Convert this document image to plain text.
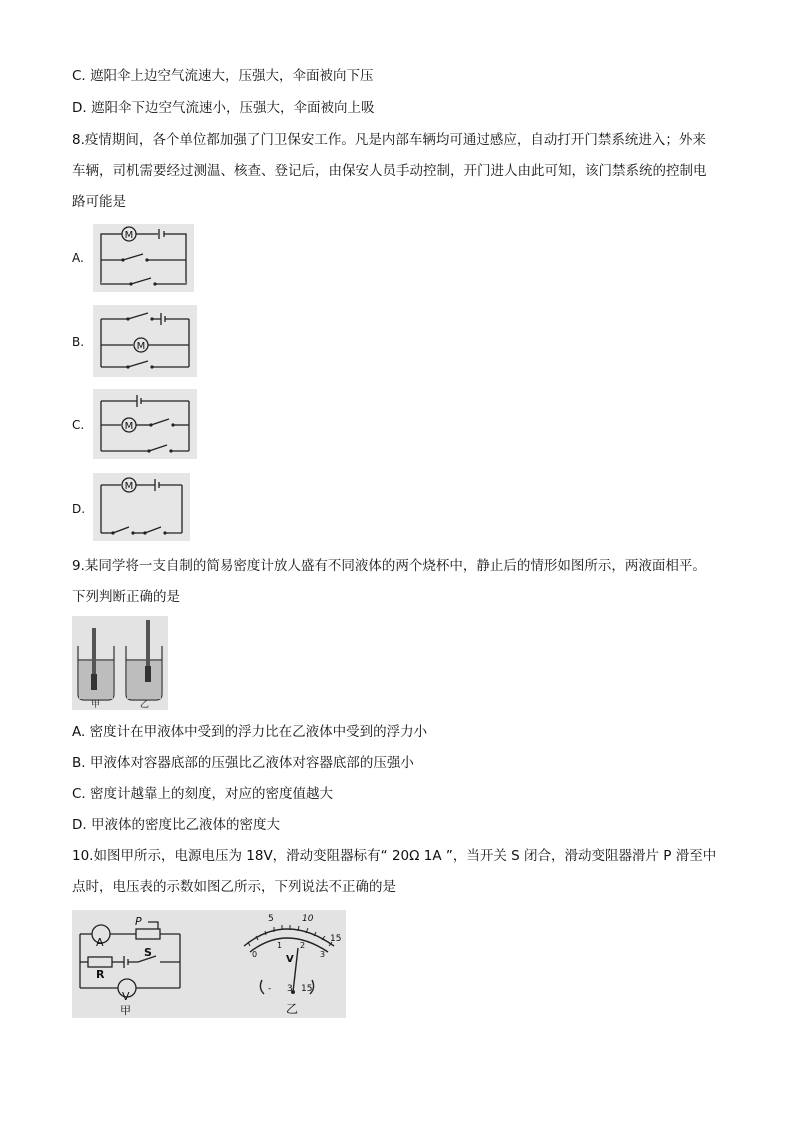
C. 遮阳伞上边空气流速大，压强大，伞面被向下压
D. 遮阳伞下边空气流速小，压强大，伞面被向上吸
8.疫情期间，各个单位都加强了门卫保安工作。凡是内部车辆均可通过感应，自动打开门禁系统进入；外来
车辆，司机需要经过测温、核查、登记后，由保安人员手动控制，开门进人由此可知，该门禁系统的控制电
路可能是
A.
M
B.	M
C.	M
D.
M
9.某同学将一支自制的简易密度计放人盛有不同液体的两个烧杯中，静止后的情形如图所示，两液面相平。
下列判断正确的是
甲	乙
A. 密度计在甲液体中受到的浮力比在乙液体中受到的浮力小
B. 甲液体对容器底部的压强比乙液体对容器底部的压强小
C. 密度计越靠上的刻度，对应的密度值越大
D. 甲液体的密度比乙液体的密度大
10.如图甲所示，电源电压为 18V，滑动变阻器标有“ 20Ω 1A ”，当开关 S 闭合，滑动变阻器滑片 P 滑至中
点时，电压表的示数如图乙所示，下列说法不正确的是
A
V
P
R
S
甲
5	10
15
0
1 2
3
V
- 3 15
乙
